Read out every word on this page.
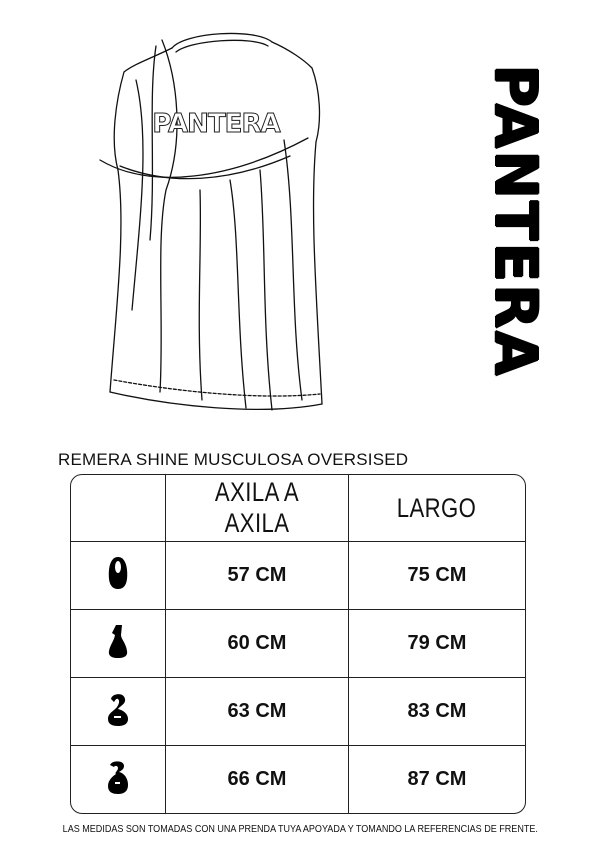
PANTERA	PANTERA
REMERA SHINE MUSCULOSA OVERSISED
	AXILA A AXILA	LARGO
	57 CM	75 CM
	60 CM	79 CM
	63 CM	83 CM
	66 CM	87 CM
LAS MEDIDAS SON TOMADAS CON UNA PRENDA TUYA APOYADA Y TOMANDO LA REFERENCIAS DE FRENTE.
